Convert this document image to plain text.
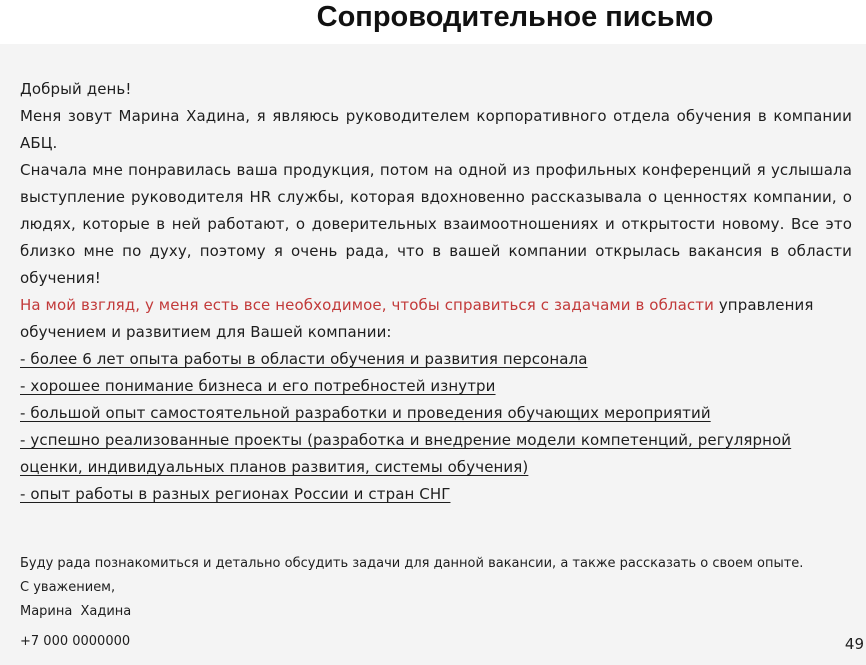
Сопроводительное письмо

Добрый день!

Меня зовут Марина Хадина, я являюсь руководителем корпоративного отдела обучения в компании АБЦ.

Сначала мне понравилась ваша продукция, потом на одной из профильных конференций я услышала выступление руководителя HR службы, которая вдохновенно рассказывала о ценностях компании, о людях, которые в ней работают, о доверительных взаимоотношениях и открытости новому. Все это близко мне по духу, поэтому я очень рада, что в вашей компании открылась вакансия в области обучения!

На мой взгляд, у меня есть все необходимое, чтобы справиться с задачами в области управления обучением и развитием для Вашей компании:

- более 6 лет опыта работы в области обучения и развития персонала
- хорошее понимание бизнеса и его потребностей изнутри
- большой опыт самостоятельной разработки и проведения обучающих мероприятий
- успешно реализованные проекты (разработка и внедрение модели компетенций, регулярной оценки, индивидуальных планов развития, системы обучения)
- опыт работы в разных регионах России и стран СНГ

Буду рада познакомиться и детально обсудить задачи для данной вакансии, а также рассказать о своем опыте.

С уважением,

Марина Хадина

+7 000 0000000	49
